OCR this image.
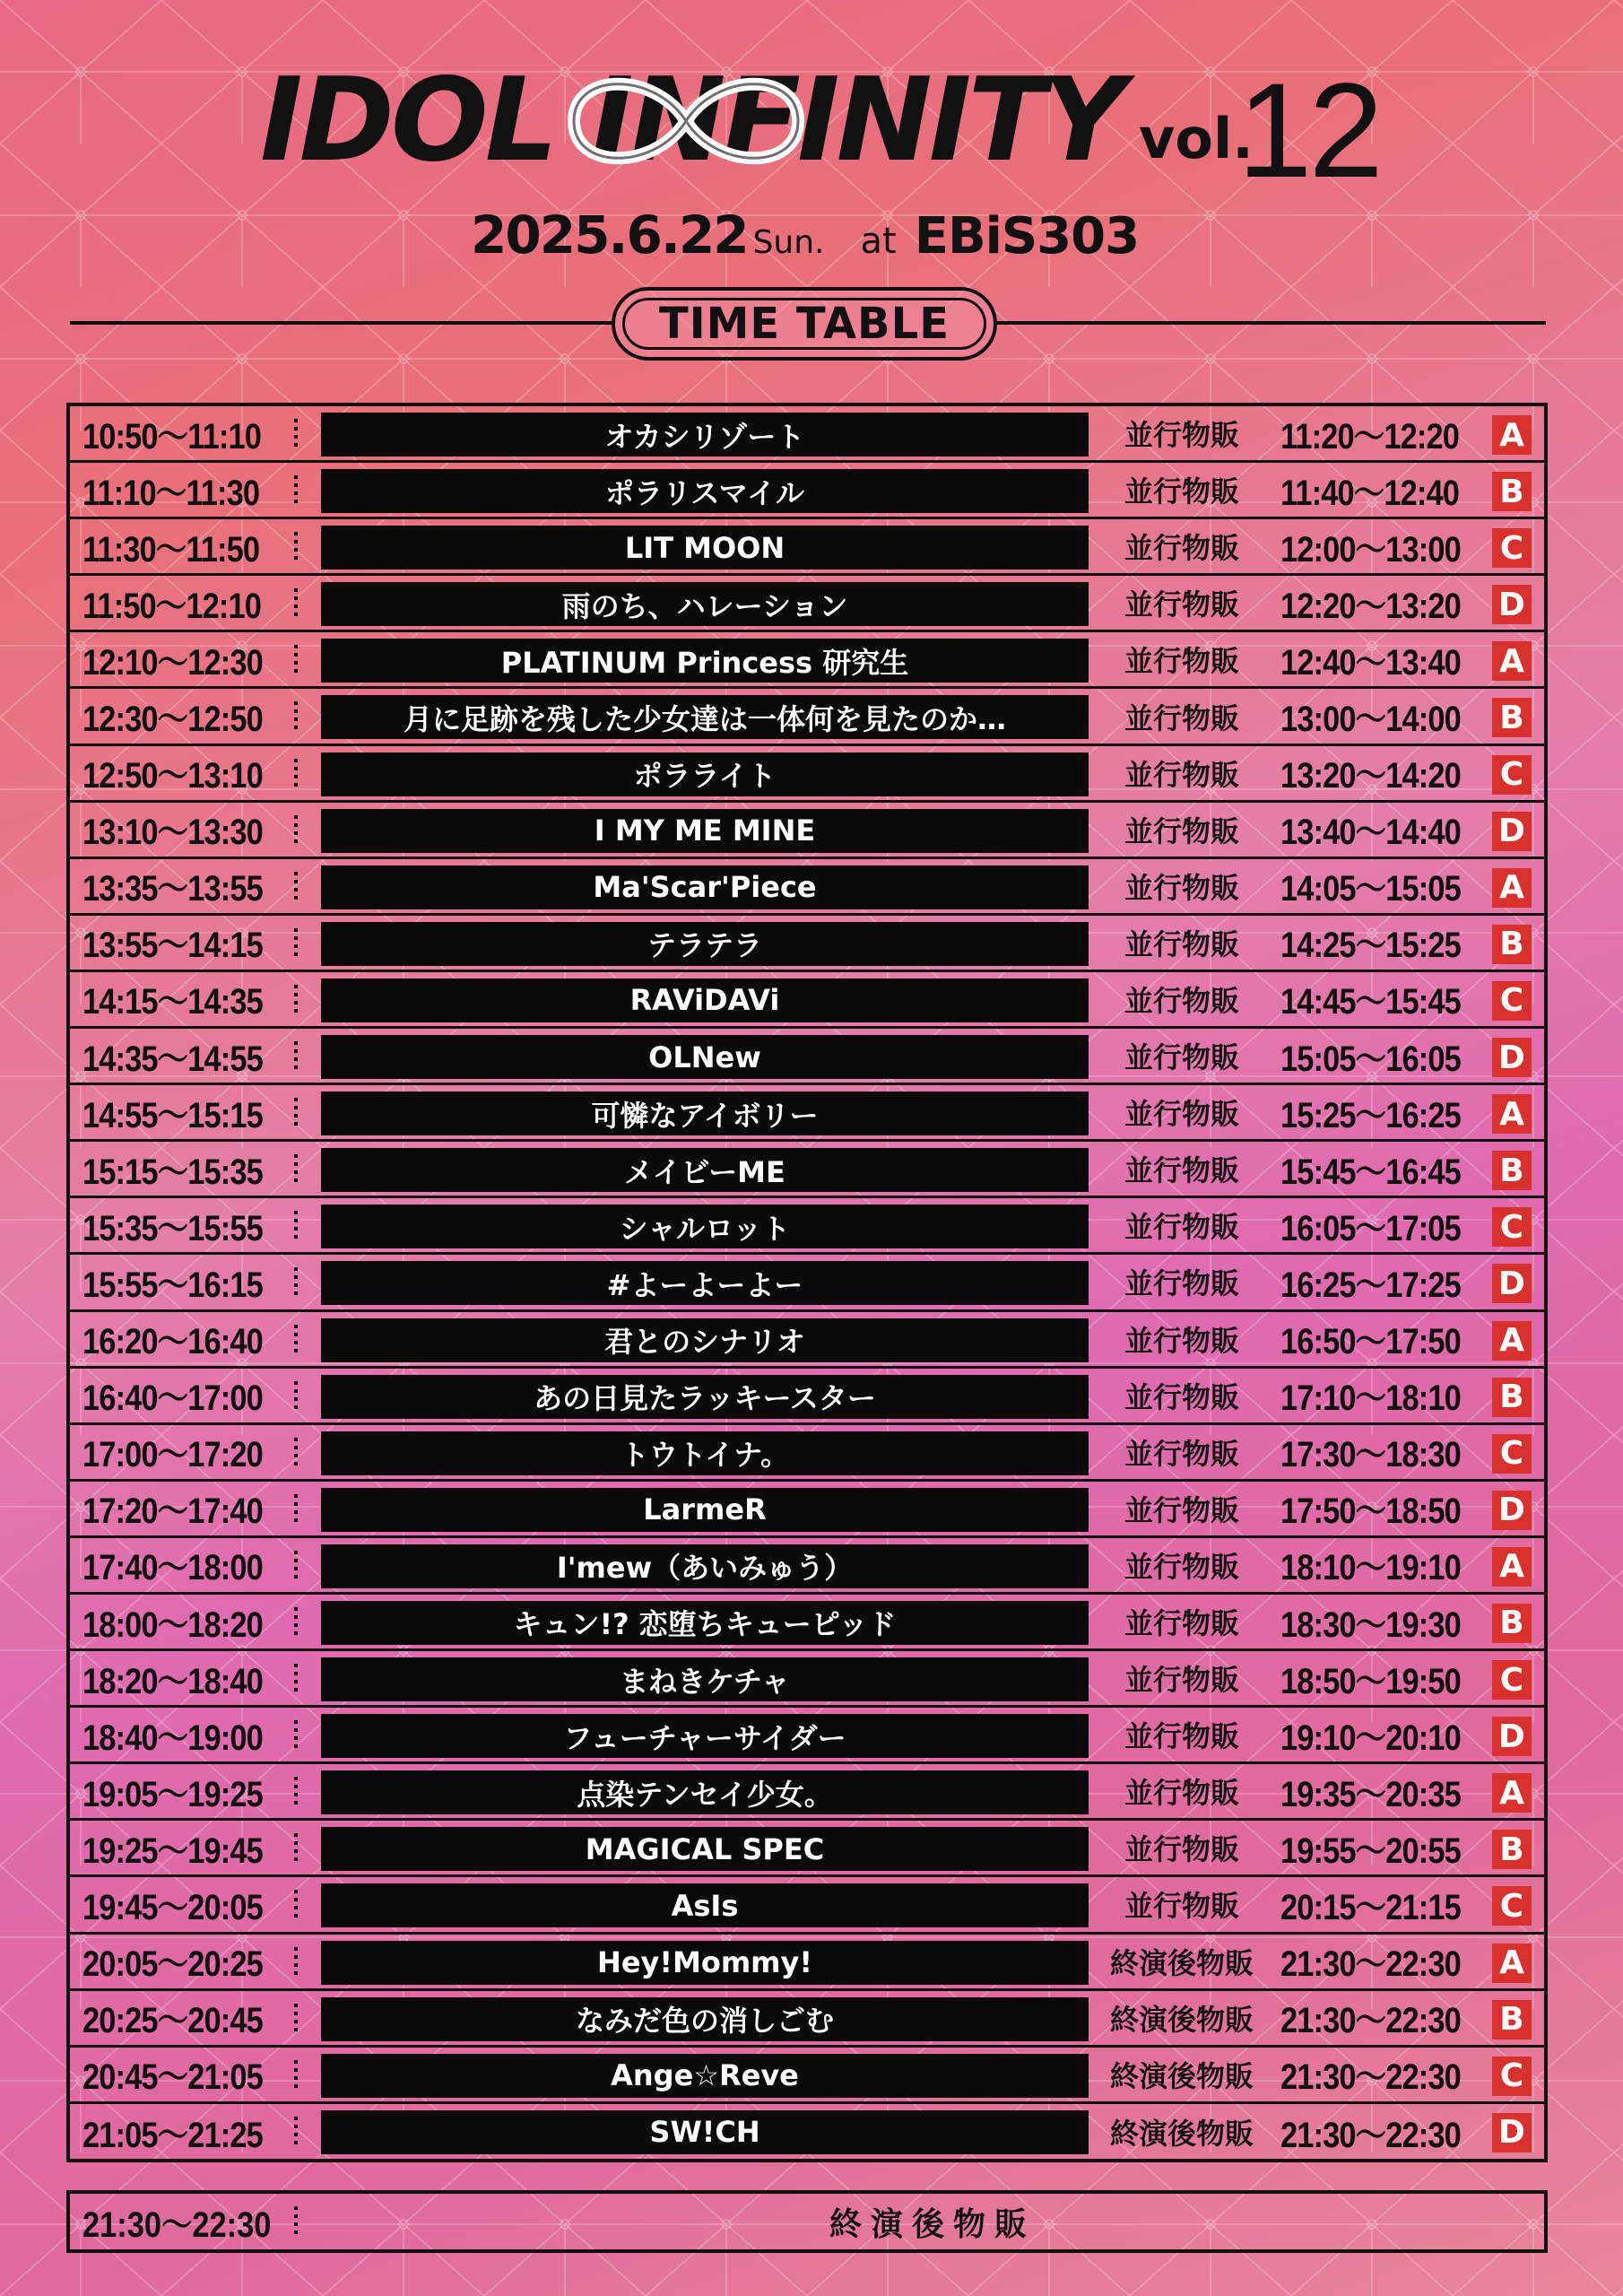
IDOL INFINITY vol.
12
2025.6.22 Sun. at EBiS303
TIME TABLE
10:50～11:10	オカシリゾート	並行物販	11:20～12:20 A
11:10～11:30	ポラリスマイル	並行物販	11:40～12:40 B
11:30～11:50	LIT MOON	並行物販	12:00～13:00 C
11:50～12:10	雨のち、ハレーション	並行物販	12:20～13:20 D
12:10～12:30	PLATINUM Princess 研究生	並行物販	12:40～13:40 A
12:30～12:50	月に足跡を残した少女達は一体何を見たのか…	並行物販	13:00～14:00 B
12:50～13:10	ポラライト	並行物販	13:20～14:20 C
13:10～13:30	I MY ME MINE	並行物販	13:40～14:40 D
13:35～13:55	Ma'Scar'Piece	並行物販	14:05～15:05 A
13:55～14:15	テラテラ	並行物販	14:25～15:25 B
14:15～14:35	RAViDAVi	並行物販	14:45～15:45 C
14:35～14:55	OLNew	並行物販	15:05～16:05 D
14:55～15:15	可憐なアイボリー	並行物販	15:25～16:25 A
15:15～15:35	メイビーME	並行物販	15:45～16:45 B
15:35～15:55	シャルロット	並行物販	16:05～17:05 C
15:55～16:15	#よーよーよー	並行物販	16:25～17:25 D
16:20～16:40	君とのシナリオ	並行物販	16:50～17:50 A
16:40～17:00	あの日見たラッキースター	並行物販	17:10～18:10 B
17:00～17:20	トウトイナ。	並行物販	17:30～18:30 C
17:20～17:40	LarmeR	並行物販	17:50～18:50 D
17:40～18:00	I'mew（あいみゅう）	並行物販	18:10～19:10 A
18:00～18:20	キュン!? 恋堕ちキューピッド	並行物販	18:30～19:30 B
18:20～18:40	まねきケチャ	並行物販	18:50～19:50 C
18:40～19:00	フューチャーサイダー	並行物販	19:10～20:10 D
19:05～19:25	点染テンセイ少女。	並行物販	19:35～20:35 A
19:25～19:45	MAGICAL SPEC	並行物販	19:55～20:55 B
19:45～20:05	AsIs	並行物販	20:15～21:15 C
20:05～20:25	Hey!Mommy!	終演後物販 21:30～22:30 A
20:25～20:45	なみだ色の消しごむ	終演後物販 21:30～22:30 B
20:45～21:05	Ange☆Reve	終演後物販 21:30～22:30 C
21:05～21:25	SW!CH	終演後物販 21:30～22:30 D
21:30～22:30	終演後物販
